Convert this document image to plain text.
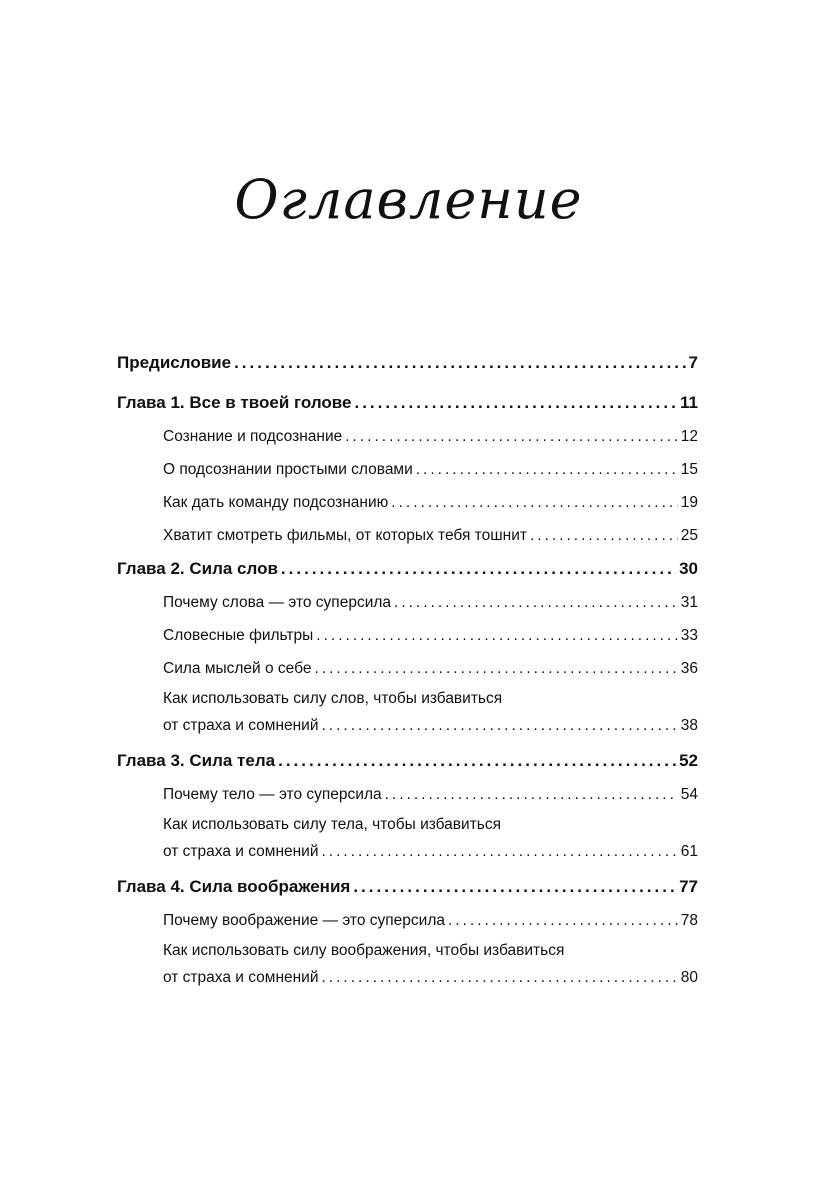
Оглавление
Предисловие .....	7
Глава 1. Все в твоей голове .....	11
Сознание и подсознание .....	12
О подсознании простыми словами .....	15
Как дать команду подсознанию .....	19
Хватит смотреть фильмы, от которых тебя тошнит .....	25
Глава 2. Сила слов .....	30
Почему слова — это суперсила .....	31
Словесные фильтры .....	33
Сила мыслей о себе .....	36
Как использовать силу слов, чтобы избавиться
от страха и сомнений .....	38
Глава 3. Сила тела .....	52
Почему тело — это суперсила .....	54
Как использовать силу тела, чтобы избавиться
от страха и сомнений .....	61
Глава 4. Сила воображения .....	77
Почему воображение — это суперсила .....	78
Как использовать силу воображения, чтобы избавиться
от страха и сомнений .....	80
